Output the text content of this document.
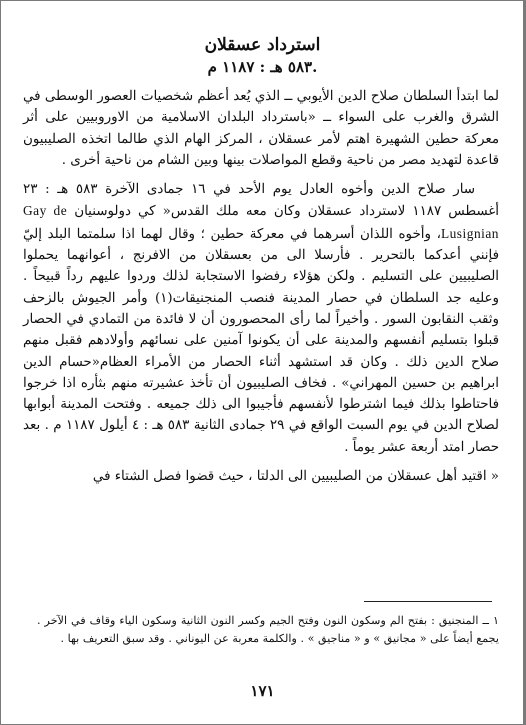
استرداد عسقلان
٥٨٣ هـ : ١١٨٧ م.

لما ابتدأ السلطان صلاح الدين الأيوبي ــ الذي يُعد أعظم شخصيات العصور الوسطى في الشرق والغرب على السواء ــ «باسترداد البلدان الاسلامية من الاوروبيين على أثر معركة حطين الشهيرة اهتم لأمر عسقلان ، المركز الهام الذي طالما اتخذه الصليبيون قاعدة لتهديد مصر من ناحية وقطع المواصلات بينها وبين الشام من ناحية أخرى .

سار صلاح الدين وأخوه العادل يوم الأحد في ١٦ جمادى الآخرة ٥٨٣ هـ : ٢٣ أغسطس ١١٨٧ لاسترداد عسقلان وكان معه ملك القدس« كي دولوسنيان Gay de Lusignian، وأخوه اللذان أسرهما في معركة حطين ؛ وقال لهما اذا سلمتما البلد إليّ فإنني أعدكما بالتحرير . فأرسلا الى من بعسقلان من الافرنج ، أعوانهما يحملوا الصليبيين على التسليم . ولكن هؤلاء رفضوا الاستجابة لذلك وردوا عليهم رداً قبيحاً . وعليه جد السلطان في حصار المدينة فنصب المنجنيقات(١) وأمر الجيوش بالزحف وثقب النقابون السور . وأخيراً لما رأى المحصورون أن لا فائدة من التمادي في الحصار قبلوا بتسليم أنفسهم والمدينة على أن يكونوا آمنين على نسائهم وأولادهم فقبل منهم صلاح الدين ذلك . وكان قد استشهد أثناء الحصار من الأمراء العظام«حسام الدين ابراهيم بن حسين المهراني» . فخاف الصليبيون أن تأخذ عشيرته منهم بثأره اذا خرجوا فاحتاطوا بذلك فيما اشترطوا لأنفسهم فأجيبوا الى ذلك جميعه . وفتحت المدينة أبوابها لصلاح الدين في يوم السبت الواقع في ٢٩ جمادى الثانية ٥٨٣ هـ : ٤ أيلول ١١٨٧ م . بعد حصار امتد أربعة عشر يوماً .

« اقتيد أهل عسقلان من الصليبيين الى الدلتا ، حيث قضوا فصل الشتاء في

١ ــ المنجنيق : بفتح الم وسكون النون وفتح الجيم وكسر النون الثانية وسكون الياء وقاف في الآخر . يجمع أيضاً على « مجانيق » و « مناجيق » . والكلمة معربة عن اليوناني . وقد سبق التعريف بها .

١٧١
